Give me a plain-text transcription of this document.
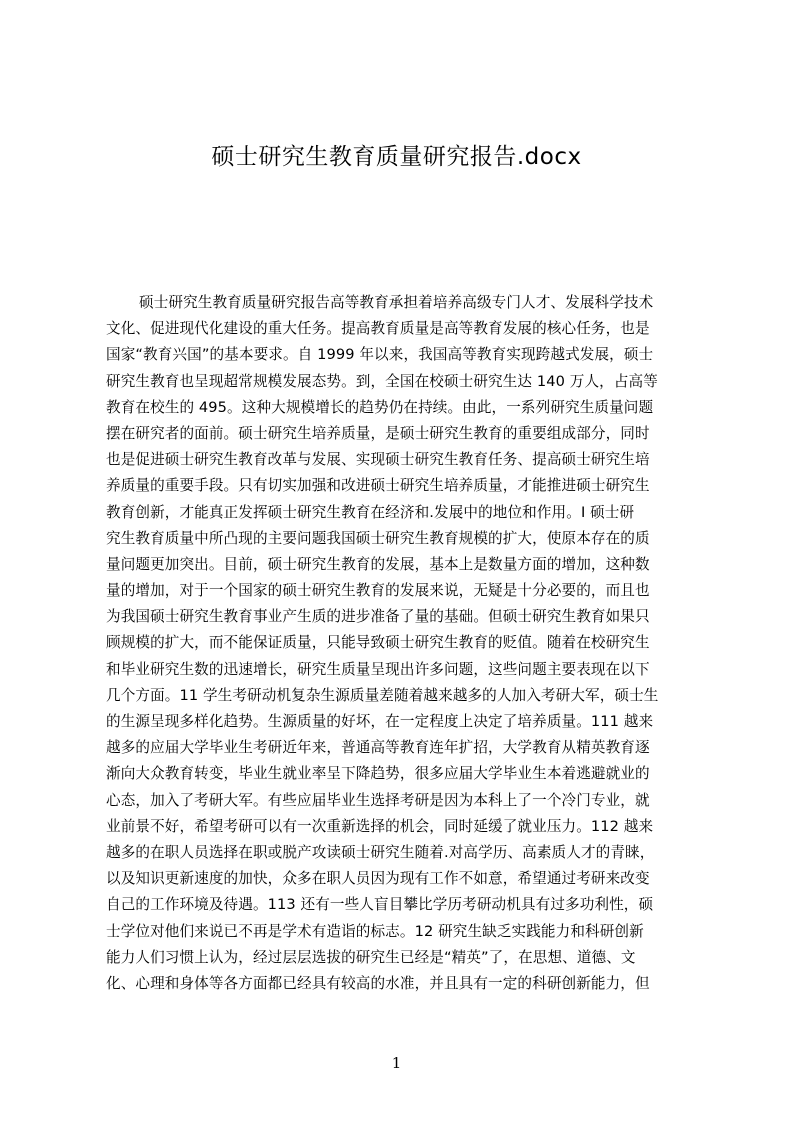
硕士研究生教育质量研究报告.docx
硕士研究生教育质量研究报告高等教育承担着培养高级专门人才、发展科学技术
文化、促进现代化建设的重大任务。提高教育质量是高等教育发展的核心任务，也是
国家“教育兴国”的基本要求。自 1999 年以来，我国高等教育实现跨越式发展，硕士
研究生教育也呈现超常规模发展态势。到，全国在校硕士研究生达 140 万人，占高等
教育在校生的 495。这种大规模增长的趋势仍在持续。由此，一系列研究生质量问题
摆在研究者的面前。硕士研究生培养质量，是硕士研究生教育的重要组成部分，同时
也是促进硕士研究生教育改革与发展、实现硕士研究生教育任务、提高硕士研究生培
养质量的重要手段。只有切实加强和改进硕士研究生培养质量，才能推进硕士研究生
教育创新，才能真正发挥硕士研究生教育在经济和.发展中的地位和作用。I 硕士研
究生教育质量中所凸现的主要问题我国硕士研究生教育规模的扩大，使原本存在的质
量问题更加突出。目前，硕士研究生教育的发展，基本上是数量方面的增加，这种数
量的增加，对于一个国家的硕士研究生教育的发展来说，无疑是十分必要的，而且也
为我国硕士研究生教育事业产生质的进步准备了量的基础。但硕士研究生教育如果只
顾规模的扩大，而不能保证质量，只能导致硕士研究生教育的贬值。随着在校研究生
和毕业研究生数的迅速增长，研究生质量呈现出许多问题，这些问题主要表现在以下
几个方面。11 学生考研动机复杂生源质量差随着越来越多的人加入考研大军，硕士生
的生源呈现多样化趋势。生源质量的好坏，在一定程度上决定了培养质量。111 越来
越多的应届大学毕业生考研近年来，普通高等教育连年扩招，大学教育从精英教育逐
渐向大众教育转变，毕业生就业率呈下降趋势，很多应届大学毕业生本着逃避就业的
心态，加入了考研大军。有些应届毕业生选择考研是因为本科上了一个冷门专业，就
业前景不好，希望考研可以有一次重新选择的机会，同时延缓了就业压力。112 越来
越多的在职人员选择在职或脱产攻读硕士研究生随着.对高学历、高素质人才的青睐，
以及知识更新速度的加快，众多在职人员因为现有工作不如意，希望通过考研来改变
自己的工作环境及待遇。113 还有一些人盲目攀比学历考研动机具有过多功利性，硕
士学位对他们来说已不再是学术有造诣的标志。12 研究生缺乏实践能力和科研创新
能力人们习惯上认为，经过层层选拔的研究生已经是“精英”了，在思想、道德、文
化、心理和身体等各方面都已经具有较高的水准，并且具有一定的科研创新能力，但
1
